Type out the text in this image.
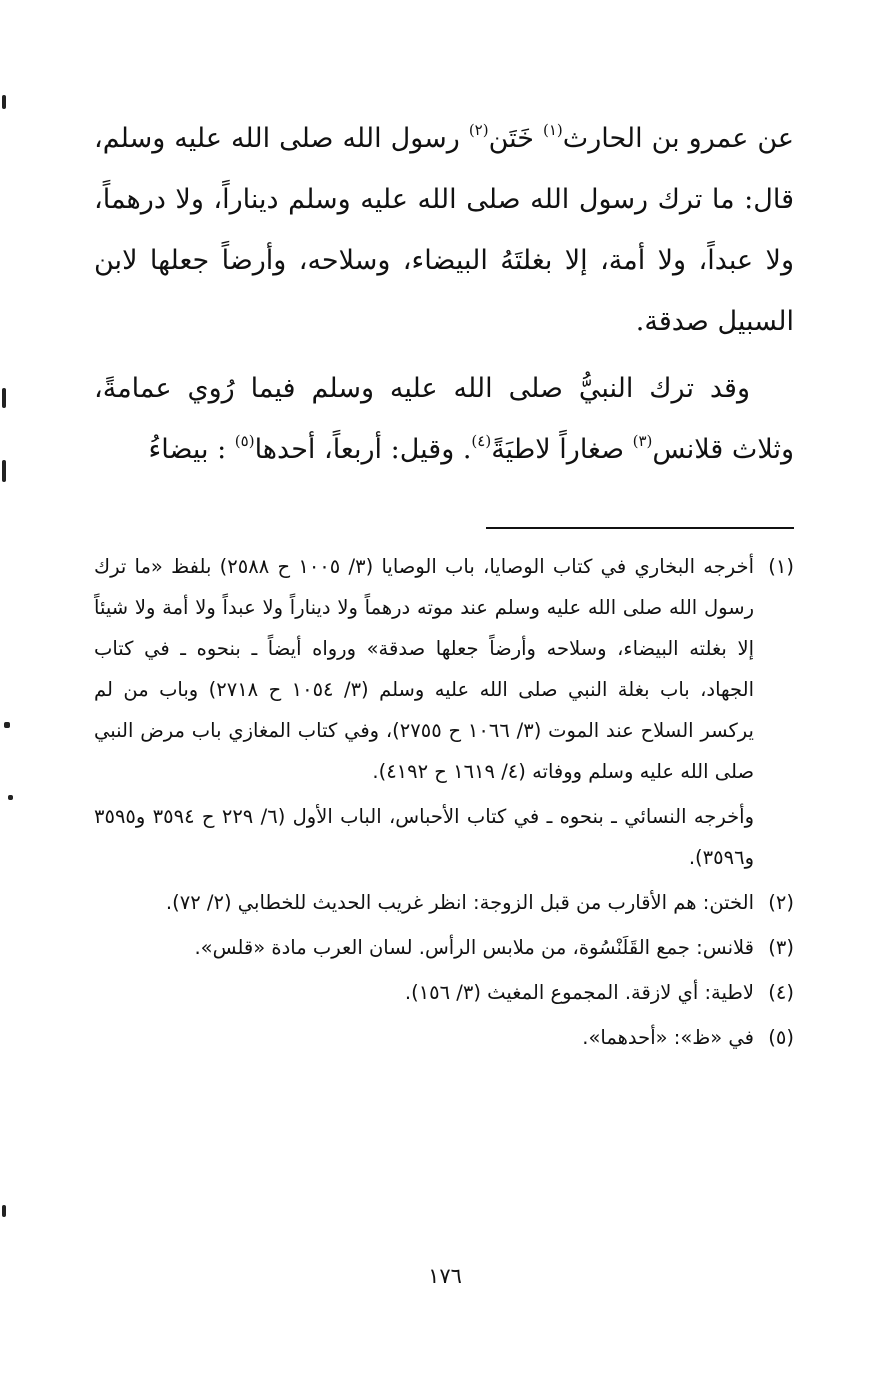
عن عمرو بن الحارث$^{(١)}$ خَتَن$^{(٢)}$ رسول الله صلى الله عليه وسلم، قال: ما ترك رسول الله صلى الله عليه وسلم ديناراً، ولا درهماً، ولا عبداً، ولا أمة، إلا بغلتَهُ البيضاء، وسلاحه، وأرضاً جعلها لابن السبيل صدقة.

وقد ترك النبيُّ صلى الله عليه وسلم فيما رُوي عمامةً، وثلاث قلانس$^{(٣)}$ صغاراً لاطيَةً$^{(٤)}$. وقيل: أربعاً، أحدها$^{(٥)}$ : بيضاءُ

(١)
أخرجه البخاري في كتاب الوصايا، باب الوصايا (٣/ ١٠٠٥ ح ٢٥٨٨) بلفظ «ما ترك رسول الله صلى الله عليه وسلم عند موته درهماً ولا ديناراً ولا عبداً ولا أمة ولا شيئاً إلا بغلته البيضاء، وسلاحه وأرضاً جعلها صدقة» ورواه أيضاً ـ بنحوه ـ في كتاب الجهاد، باب بغلة النبي صلى الله عليه وسلم (٣/ ١٠٥٤ ح ٢٧١٨) وباب من لم يركسر السلاح عند الموت (٣/ ١٠٦٦ ح ٢٧٥٥)، وفي كتاب المغازي باب مرض النبي صلى الله عليه وسلم ووفاته (٤/ ١٦١٩ ح ٤١٩٢).
وأخرجه النسائي ـ بنحوه ـ في كتاب الأحباس، الباب الأول (٦/ ٢٢٩ ح ٣٥٩٤ و٣٥٩٥ و٣٥٩٦).
(٢)
الختن: هم الأقارب من قبل الزوجة: انظر غريب الحديث للخطابي (٢/ ٧٢).
(٣)
قلانس: جمع القَلَنْسُوة، من ملابس الرأس. لسان العرب مادة «قلس».
(٤)
لاطية: أي لازقة. المجموع المغيث (٣/ ١٥٦).
(٥)
في «ظ»: «أحدهما».
١٧٦
